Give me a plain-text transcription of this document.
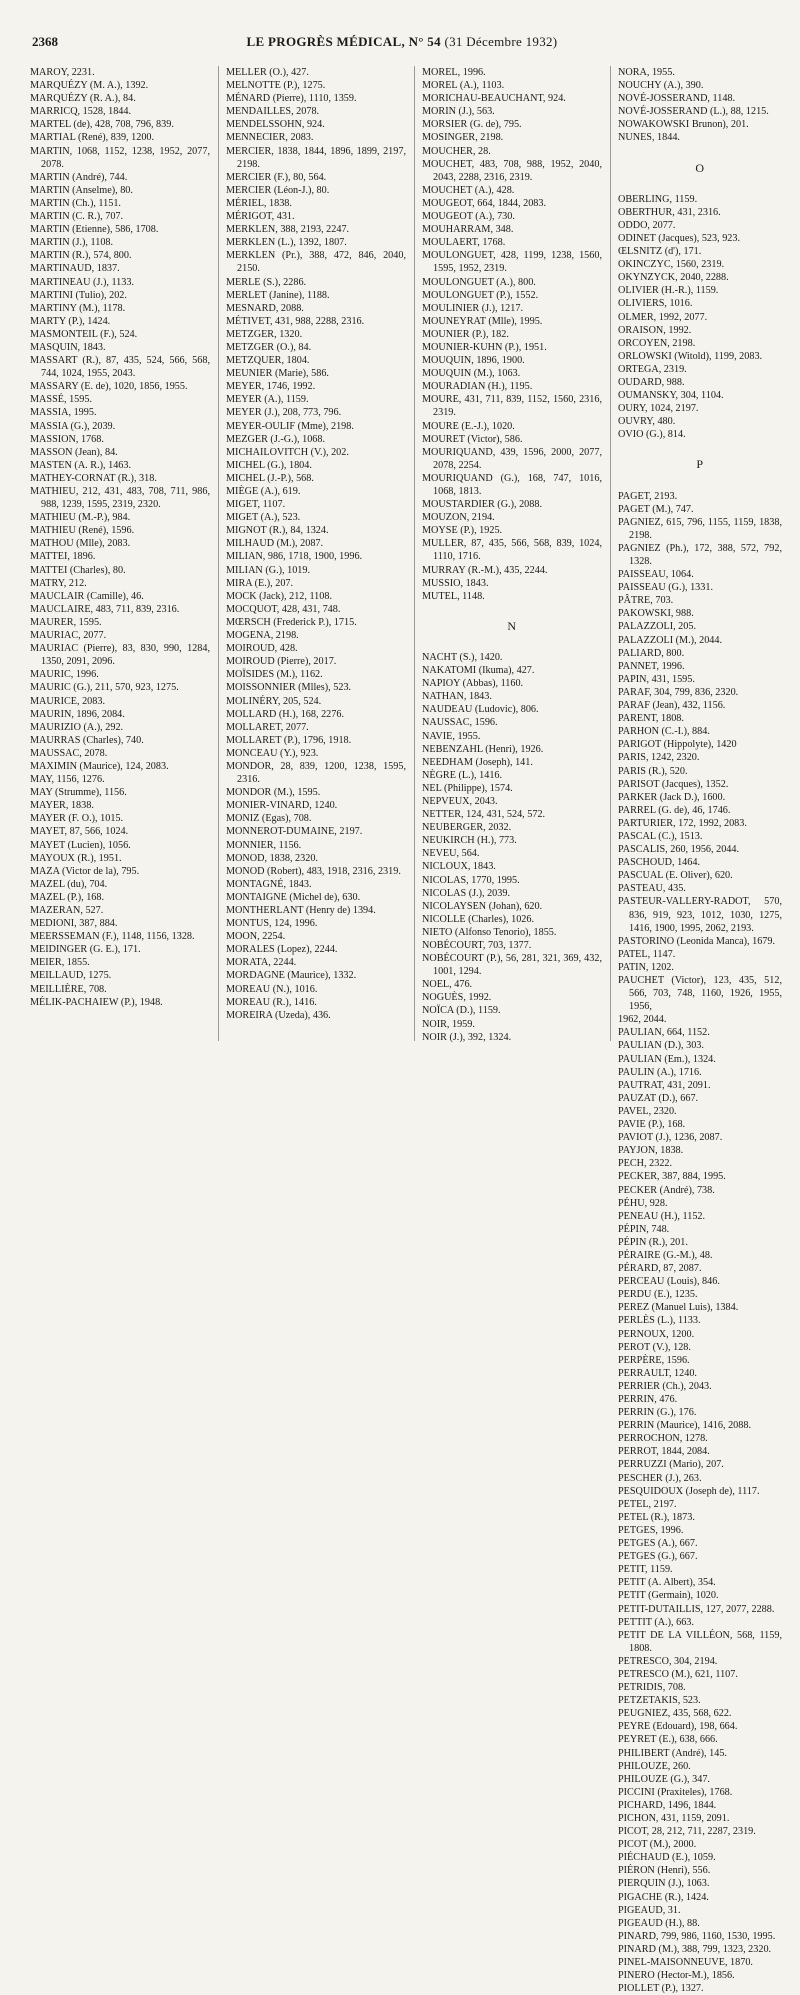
2368	LE PROGRÈS MÉDICAL, N° 54 (31 Décembre 1932)
MAROY, 2231.
MARQUÉZY (M. A.), 1392.
MARQUÉZY (R. A.), 84.
MARRICQ, 1528, 1844.
MARTEL (de), 428, 708, 796, 839.
MARTIAL (René), 839, 1200.
MARTIN, 1068, 1152, 1238, 1952, 2077, 2078.
MARTIN (André), 744.
MARTIN (Anselme), 80.
MARTIN (Ch.), 1151.
MARTIN (C. R.), 707.
MARTIN (Etienne), 586, 1708.
MARTIN (J.), 1108.
MARTIN (R.), 574, 800.
MARTINAUD, 1837.
MARTINEAU (J.), 1133.
MARTINI (Tulio), 202.
MARTINY (M.), 1178.
MARTY (P.), 1424.
MASMONTEIL (F.), 524.
MASQUIN, 1843.
MASSART (R.), 87, 435, 524, 566, 568, 744, 1024, 1955, 2043.
MASSARY (E. de), 1020, 1856, 1955.
MASSÉ, 1595.
MASSIA, 1995.
MASSIA (G.), 2039.
MASSION, 1768.
MASSON (Jean), 84.
MASTEN (A. R.), 1463.
MATHEY-CORNAT (R.), 318.
MATHIEU, 212, 431, 483, 708, 711, 986, 988, 1239, 1595, 2319, 2320.
MATHIEU (M.-P.), 984.
MATHIEU (René), 1596.
MATHOU (Mlle), 2083.
MATTEI, 1896.
MATTEI (Charles), 80.
MATRY, 212.
MAUCLAIR (Camille), 46.
MAUCLAIRE, 483, 711, 839, 2316.
MAURER, 1595.
MAURIAC, 2077.
MAURIAC (Pierre), 83, 830, 990, 1284, 1350, 2091, 2096.
MAURIC, 1996.
MAURIC (G.), 211, 570, 923, 1275.
MAURICE, 2083.
MAURIN, 1896, 2084.
MAURIZIO (A.), 292.
MAURRAS (Charles), 740.
MAUSSAC, 2078.
MAXIMIN (Maurice), 124, 2083.
MAY, 1156, 1276.
MAY (Strumme), 1156.
MAYER, 1838.
MAYER (F. O.), 1015.
MAYET, 87, 566, 1024.
MAYET (Lucien), 1056.
MAYOUX (R.), 1951.
MAZA (Victor de la), 795.
MAZEL (du), 704.
MAZEL (P.), 168.
MAZERAN, 527.
MEDIONI, 387, 884.
MEERSSEMAN (F.), 1148, 1156, 1328.
MEIDINGER (G. E.), 171.
MEIER, 1855.
MEILLAUD, 1275.
MEILLIÈRE, 708.
MÉLIK-PACHAIEW (P.), 1948.
MELLER (O.), 427.
MELNOTTE (P.), 1275.
MÉNARD (Pierre), 1110, 1359.
MENDAILLES, 2078.
MENDELSSOHN, 924.
MENNECIER, 2083.
MERCIER, 1838, 1844, 1896, 1899, 2197, 2198.
MERCIER (F.), 80, 564.
MERCIER (Léon-J.), 80.
MÉRIEL, 1838.
MÉRIGOT, 431.
MERKLEN, 388, 2193, 2247.
MERKLEN (L.), 1392, 1807.
MERKLEN (Pr.), 388, 472, 846, 2040, 2150.
MERLE (S.), 2286.
MERLET (Janine), 1188.
MESNARD, 2088.
MÉTIVET, 431, 988, 2288, 2316.
METZGER, 1320.
METZGER (O.), 84.
METZQUER, 1804.
MEUNIER (Marie), 586.
MEYER, 1746, 1992.
MEYER (A.), 1159.
MEYER (J.), 208, 773, 796.
MEYER-OULIF (Mme), 2198.
MEZGER (J.-G.), 1068.
MICHAILOVITCH (V.), 202.
MICHEL (G.), 1804.
MICHEL (J.-P.), 568.
MIÈGE (A.), 619.
MIGET, 1107.
MIGET (A.), 523.
MIGNOT (R.), 84, 1324.
MILHAUD (M.), 2087.
MILIAN, 986, 1718, 1900, 1996.
MILIAN (G.), 1019.
MIRA (E.), 207.
MOCK (Jack), 212, 1108.
MOCQUOT, 428, 431, 748.
MŒRSCH (Frederick P.), 1715.
MOGENA, 2198.
MOIROUD, 428.
MOIROUD (Pierre), 2017.
MOÏSIDES (M.), 1162.
MOISSONNIER (Mlles), 523.
MOLINÉRY, 205, 524.
MOLLARD (H.), 168, 2276.
MOLLARET, 2077.
MOLLARET (P.), 1796, 1918.
MONCEAU (Y.), 923.
MONDOR, 28, 839, 1200, 1238, 1595, 2316.
MONDOR (M.), 1595.
MONIER-VINARD, 1240.
MONIZ (Egas), 708.
MONNEROT-DUMAINE, 2197.
MONNIER, 1156.
MONOD, 1838, 2320.
MONOD (Robert), 483, 1918, 2316, 2319.
MONTAGNÉ, 1843.
MONTAIGNE (Michel de), 630.
MONTHERLANT (Henry de) 1394.
MONTUS, 124, 1996.
MOON, 2254.
MORALES (Lopez), 2244.
MORATA, 2244.
MORDAGNE (Maurice), 1332.
MOREAU (N.), 1016.
MOREAU (R.), 1416.
MOREIRA (Uzeda), 436.
MOREL, 1996.
MOREL (A.), 1103.
MORICHAU-BEAUCHANT, 924.
MORIN (J.), 563.
MORSIER (G. de), 795.
MOSINGER, 2198.
MOUCHER, 28.
MOUCHET, 483, 708, 988, 1952, 2040, 2043, 2288, 2316, 2319.
MOUCHET (A.), 428.
MOUGEOT, 664, 1844, 2083.
MOUGEOT (A.), 730.
MOUHARRAM, 348.
MOULAERT, 1768.
MOULONGUET, 428, 1199, 1238, 1560, 1595, 1952, 2319.
MOULONGUET (A.), 800.
MOULONGUET (P.), 1552.
MOULINIER (J.), 1217.
MOUNEYRAT (Mlle), 1995.
MOUNIER (P.), 182.
MOUNIER-KUHN (P.), 1951.
MOUQUIN, 1896, 1900.
MOUQUIN (M.), 1063.
MOURADIAN (H.), 1195.
MOURE, 431, 711, 839, 1152, 1560, 2316, 2319.
MOURE (E.-J.), 1020.
MOURET (Victor), 586.
MOURIQUAND, 439, 1596, 2000, 2077, 2078, 2254.
MOURIQUAND (G.), 168, 747, 1016, 1068, 1813.
MOUSTARDIER (G.), 2088.
MOUZON, 2194.
MOYSE (P.), 1925.
MULLER, 87, 435, 566, 568, 839, 1024, 1110, 1716.
MURRAY (R.-M.), 435, 2244.
MUSSIO, 1843.
MUTEL, 1148.
N
NACHT (S.), 1420.
NAKATOMI (Ikuma), 427.
NAPIOY (Abbas), 1160.
NATHAN, 1843.
NAUDEAU (Ludovic), 806.
NAUSSAC, 1596.
NAVIE, 1955.
NEBENZAHL (Henri), 1926.
NEEDHAM (Joseph), 141.
NÈGRE (L.), 1416.
NEL (Philippe), 1574.
NEPVEUX, 2043.
NETTER, 124, 431, 524, 572.
NEUBERGER, 2032.
NEUKIRCH (H.), 773.
NEVEU, 564.
NICLOUX, 1843.
NICOLAS, 1770, 1995.
NICOLAS (J.), 2039.
NICOLAYSEN (Johan), 620.
NICOLLE (Charles), 1026.
NIETO (Alfonso Tenorio), 1855.
NOBÉCOURT, 703, 1377.
NOBÉCOURT (P.), 56, 281, 321, 369, 432, 1001, 1294.
NOEL, 476.
NOGUÈS, 1992.
NOÏCA (D.), 1159.
NOIR, 1959.
NOIR (J.), 392, 1324.
NORA, 1955.
NOUCHY (A.), 390.
NOVÉ-JOSSERAND, 1148.
NOVÉ-JOSSERAND (L.), 88, 1215.
NOWAKOWSKI Brunon), 201.
NUNES, 1844.
O
OBERLING, 1159.
OBERTHUR, 431, 2316.
ODDO, 2077.
ODINET (Jacques), 523, 923.
ŒLSNITZ (d'), 171.
OKINCZYC, 1560, 2319.
OKYNZYCK, 2040, 2288.
OLIVIER (H.-R.), 1159.
OLIVIERS, 1016.
OLMER, 1992, 2077.
ORAISON, 1992.
ORCOYEN, 2198.
ORLOWSKI (Witold), 1199, 2083.
ORTEGA, 2319.
OUDARD, 988.
OUMANSKY, 304, 1104.
OURY, 1024, 2197.
OUVRY, 480.
OVIO (G.), 814.
P
PAGET, 2193.
PAGET (M.), 747.
PAGNIEZ, 615, 796, 1155, 1159, 1838, 2198.
PAGNIEZ (Ph.), 172, 388, 572, 792, 1328.
PAISSEAU, 1064.
PAISSEAU (G.), 1331.
PÂTRE, 703.
PAKOWSKI, 988.
PALAZZOLI, 205.
PALAZZOLI (M.), 2044.
PALIARD, 800.
PANNET, 1996.
PAPIN, 431, 1595.
PARAF, 304, 799, 836, 2320.
PARAF (Jean), 432, 1156.
PARENT, 1808.
PARHON (C.-I.), 884.
PARIGOT (Hippolyte), 1420
PARIS, 1242, 2320.
PARIS (R.), 520.
PARISOT (Jacques), 1352.
PARKER (Jack D.), 1600.
PARREL (G. de), 46, 1746.
PARTURIER, 172, 1992, 2083.
PASCAL (C.), 1513.
PASCALIS, 260, 1956, 2044.
PASCHOUD, 1464.
PASCUAL (E. Oliver), 620.
PASTEAU, 435.
PASTEUR-VALLERY-RADOT, 570, 836, 919, 923, 1012, 1030, 1275, 1416, 1900, 1995, 2062, 2193.
PASTORINO (Leonida Manca), 1679.
PATEL, 1147.
PATIN, 1202.
PAUCHET (Victor), 123, 435, 512, 566, 703, 748, 1160, 1926, 1955, 1956,
1962, 2044.
PAULIAN, 664, 1152.
PAULIAN (D.), 303.
PAULIAN (Em.), 1324.
PAULIN (A.), 1716.
PAUTRAT, 431, 2091.
PAUZAT (D.), 667.
PAVEL, 2320.
PAVIE (P.), 168.
PAVIOT (J.), 1236, 2087.
PAYJON, 1838.
PECH, 2322.
PECKER, 387, 884, 1995.
PECKER (André), 738.
PÉHU, 928.
PENEAU (H.), 1152.
PÉPIN, 748.
PÉPIN (R.), 201.
PÉRAIRE (G.-M.), 48.
PÉRARD, 87, 2087.
PERCEAU (Louis), 846.
PERDU (E.), 1235.
PEREZ (Manuel Luis), 1384.
PERLÈS (L.), 1133.
PERNOUX, 1200.
PEROT (V.), 128.
PERPÈRE, 1596.
PERRAULT, 1240.
PERRIER (Ch.), 2043.
PERRIN, 476.
PERRIN (G.), 176.
PERRIN (Maurice), 1416, 2088.
PERROCHON, 1278.
PERROT, 1844, 2084.
PERRUZZI (Mario), 207.
PESCHER (J.), 263.
PESQUIDOUX (Joseph de), 1117.
PETEL, 2197.
PETEL (R.), 1873.
PETGES, 1996.
PETGES (A.), 667.
PETGES (G.), 667.
PETIT, 1159.
PETIT (A. Albert), 354.
PETIT (Germain), 1020.
PETIT-DUTAILLIS, 127, 2077, 2288.
PETTIT (A.), 663.
PETIT DE LA VILLÉON, 568, 1159, 1808.
PETRESCO, 304, 2194.
PETRESCO (M.), 621, 1107.
PETRIDIS, 708.
PETZETAKIS, 523.
PEUGNIEZ, 435, 568, 622.
PEYRE (Edouard), 198, 664.
PEYRET (E.), 638, 666.
PHILIBERT (André), 145.
PHILOUZE, 260.
PHILOUZE (G.), 347.
PICCINI (Praxiteles), 1768.
PICHARD, 1496, 1844.
PICHON, 431, 1159, 2091.
PICOT, 28, 212, 711, 2287, 2319.
PICOT (M.), 2000.
PIÉCHAUD (E.), 1059.
PIÉRON (Henri), 556.
PIERQUIN (J.), 1063.
PIGACHE (R.), 1424.
PIGEAUD, 31.
PIGEAUD (H.), 88.
PINARD, 799, 986, 1160, 1530, 1995.
PINARD (M.), 388, 799, 1323, 2320.
PINEL-MAISONNEUVE, 1870.
PINERO (Hector-M.), 1856.
PIOLLET (P.), 1327.
